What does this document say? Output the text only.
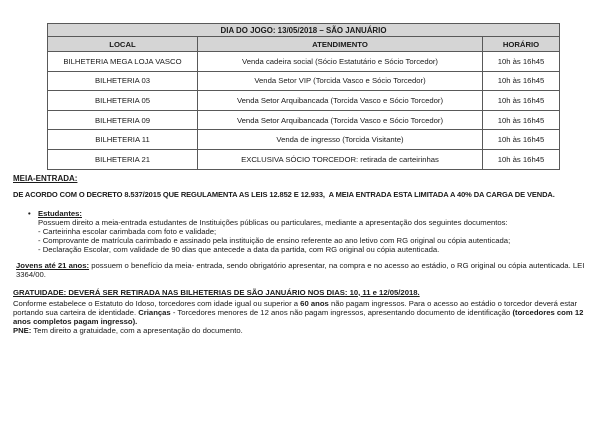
DIA DO JOGO: 13/05/2018 – SÃO JANUÁRIO		
LOCAL	ATENDIMENTO	HORÁRIO
BILHETERIA MEGA LOJA VASCO	Venda cadeira social (Sócio Estatutário e Sócio Torcedor)	10h às 16h45
BILHETERIA 03	Venda Setor VIP (Torcida Vasco e Sócio Torcedor)	10h às 16h45
BILHETERIA 05	Venda Setor Arquibancada (Torcida Vasco e Sócio Torcedor)	10h às 16h45
BILHETERIA 09	Venda Setor Arquibancada (Torcida Vasco e Sócio Torcedor)	10h às 16h45
BILHETERIA 11	Venda de ingresso (Torcida Visitante)	10h às 16h45
BILHETERIA 21	EXCLUSIVA SÓCIO TORCEDOR: retirada de carteirinhas	10h às 16h45
MEIA-ENTRADA:

DE ACORDO COM O DECRETO 8.537/2015 QUE REGULAMENTA AS LEIS 12.852 E 12.933,  A MEIA ENTRADA ESTA LIMITADA A 40% DA CARGA DE VENDA.

• Estudantes:
Possuem direito a meia-entrada estudantes de Instituições públicas ou particulares, mediante a apresentação dos seguintes documentos:
- Carteirinha escolar carimbada com foto e validade;
- Comprovante de matrícula carimbado e assinado pela instituição de ensino referente ao ano letivo com RG original ou cópia autenticada;
- Declaração Escolar, com validade de 90 dias que antecede a data da partida, com RG original ou cópia autenticada.

Jovens até 21 anos: possuem o benefício da meia- entrada, sendo obrigatório apresentar, na compra e no acesso ao estádio, o RG original ou cópia autenticada. LEI 3364/00.

GRATUIDADE: DEVERÁ SER RETIRADA NAS BILHETERIAS DE SÃO JANUÁRIO NOS DIAS: 10, 11 e 12/05/2018.

Conforme estabelece o Estatuto do Idoso, torcedores com idade igual ou superior a 60 anos não pagam ingressos. Para o acesso ao estádio o torcedor deverá estar portando sua carteira de identidade. Crianças - Torcedores menores de 12 anos não pagam ingressos, apresentando documento de identificação (torcedores com 12 anos completos pagam ingresso).

PNE: Tem direito a gratuidade, com a apresentação do documento.
